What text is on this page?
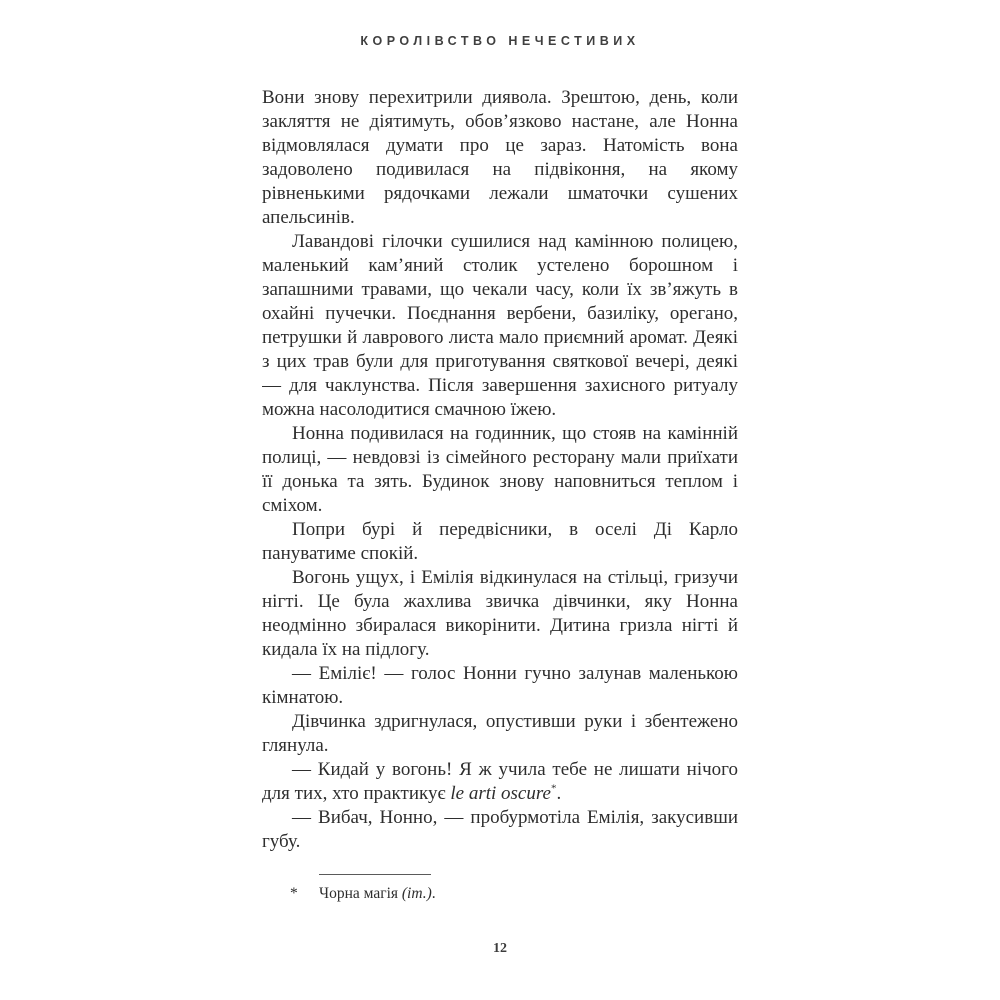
КОРОЛІВСТВО НЕЧЕСТИВИХ

Вони знову перехитрили диявола. Зрештою, день, коли закляття не діятимуть, обов’язково настане, але Нонна відмовлялася думати про це зараз. Натомість вона задоволено подивилася на підвіконня, на якому рівненькими рядочками лежали шматочки сушених апельсинів.

Лавандові гілочки сушилися над камінною полицею, маленький кам’яний столик устелено борошном і запашними травами, що чекали часу, коли їх зв’яжуть в охайні пучечки. Поєднання вербени, базиліку, орегано, петрушки й лаврового листа мало приємний аромат. Деякі з цих трав були для приготування святкової вечері, деякі — для чаклунства. Після завершення захисного ритуалу можна насолодитися смачною їжею.

Нонна подивилася на годинник, що стояв на камінній полиці, — невдовзі із сімейного ресторану мали приїхати її донька та зять. Будинок знову наповниться теплом і сміхом.

Попри бурі й передвісники, в оселі Ді Карло пануватиме спокій.

Вогонь ущух, і Емілія відкинулася на стільці, гризучи нігті. Це була жахлива звичка дівчинки, яку Нонна неодмінно збиралася викорінити. Дитина гризла нігті й кидала їх на підлогу.

— Еміліє! — голос Нонни гучно залунав маленькою кімнатою.

Дівчинка здригнулася, опустивши руки і збентежено глянула.

— Кидай у вогонь! Я ж учила тебе не лишати нічого для тих, хто практикує le arti oscure*.

— Вибач, Нонно, — пробурмотіла Емілія, закусивши губу.

* Чорна магія (іт.).
12
